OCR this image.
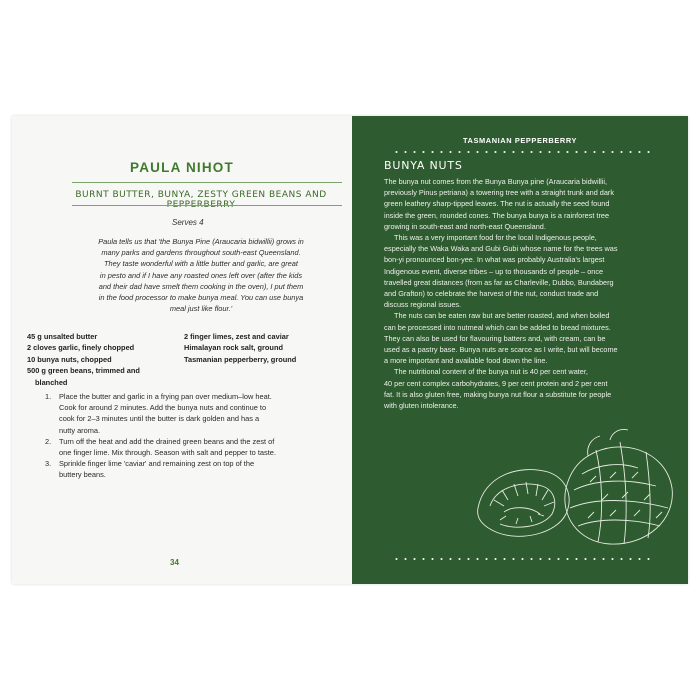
PAULA NIHOT
BURNT BUTTER, BUNYA, ZESTY GREEN BEANS AND PEPPERBERRY
Serves 4
Paula tells us that 'the Bunya Pine (Araucaria bidwillii) grows in
many parks and gardens throughout south-east Queensland.
They taste wonderful with a little butter and garlic, are great
in pesto and if I have any roasted ones left over (after the kids
and their dad have smelt them cooking in the oven), I put them
in the food processor to make bunya meal. You can use bunya
meal just like flour.'
45 g unsalted butter
2 cloves garlic, finely chopped
10 bunya nuts, chopped
500 g green beans, trimmed and
blanched
2 finger limes, zest and caviar
Himalayan rock salt, ground
Tasmanian pepperberry, ground
1.	Place the butter and garlic in a frying pan over medium–low heat.
Cook for around 2 minutes. Add the bunya nuts and continue to
cook for 2–3 minutes until the butter is dark golden and has a
nutty aroma.
2.	Turn off the heat and add the drained green beans and the zest of
one finger lime. Mix through. Season with salt and pepper to taste.
3.	Sprinkle finger lime 'caviar' and remaining zest on top of the
buttery beans.
34
TASMANIAN PEPPERBERRY
BUNYA NUTS

The bunya nut comes from the Bunya Bunya pine (Araucaria bidwillii,
previously Pinus petriana) a towering tree with a straight trunk and dark
green leathery sharp-tipped leaves. The nut is actually the seed found
inside the green, rounded cones. The bunya bunya is a rainforest tree
growing in south-east and north-east Queensland.

This was a very important food for the local Indigenous people,
especially the Waka Waka and Gubi Gubi whose name for the trees was
bon-yi pronounced bon-yee. In what was probably Australia's largest
Indigenous event, diverse tribes – up to thousands of people – once
travelled great distances (from as far as Charleville, Dubbo, Bundaberg
and Grafton) to celebrate the harvest of the nut, conduct trade and
discuss regional issues.

The nuts can be eaten raw but are better roasted, and when boiled
can be processed into nutmeal which can be added to bread mixtures.
They can also be used for flavouring batters and, with cream, can be
used as a pastry base. Bunya nuts are scarce as I write, but will become
a more important and available food down the line.

The nutritional content of the bunya nut is 40 per cent water,
40 per cent complex carbohydrates, 9 per cent protein and 2 per cent
fat. It is also gluten free, making bunya nut flour a substitute for people
with gluten intolerance.
